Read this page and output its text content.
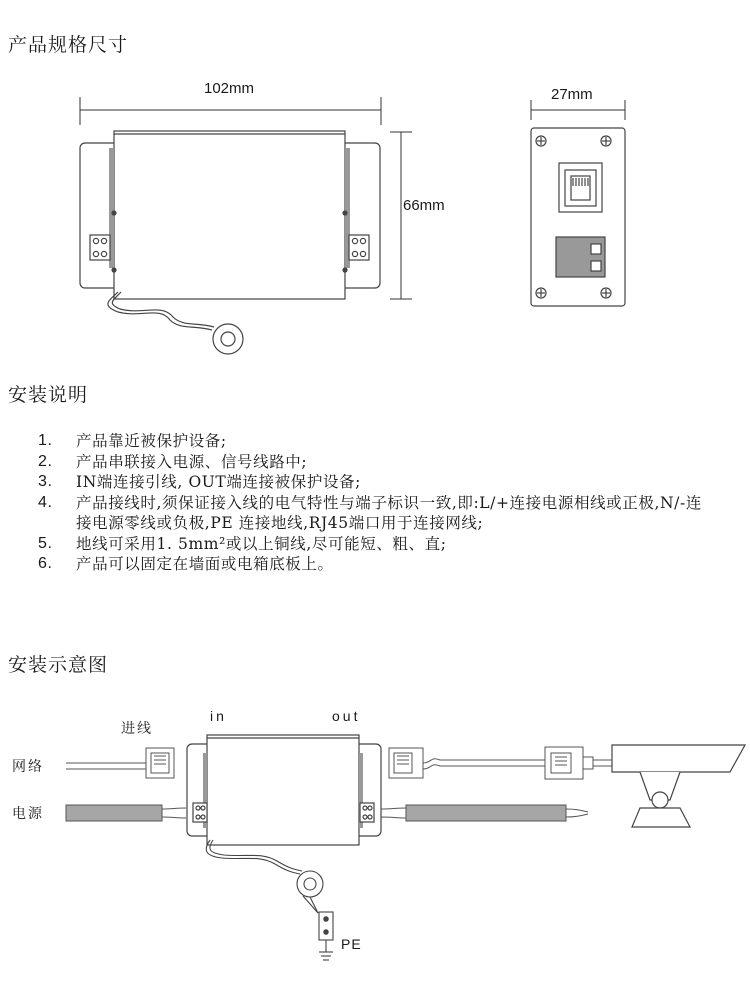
产品规格尺寸
安装说明
安装示意图
102mm	27mm
66mm
1. 产品靠近被保护设备;
2. 产品串联接入电源、信号线路中;
3. IN端连接引线, OUT端连接被保护设备;
4. 产品接线时,须保证接入线的电气特性与端子标识一致,即:L/+连接电源相线或正极,N/-连接电源零线或负极,PE 连接地线,RJ45端口用于连接网线;
5. 地线可采用1. 5mm²或以上铜线,尽可能短、粗、直;
6. 产品可以固定在墙面或电箱底板上。
进线
in	out
网络
电源
PE
